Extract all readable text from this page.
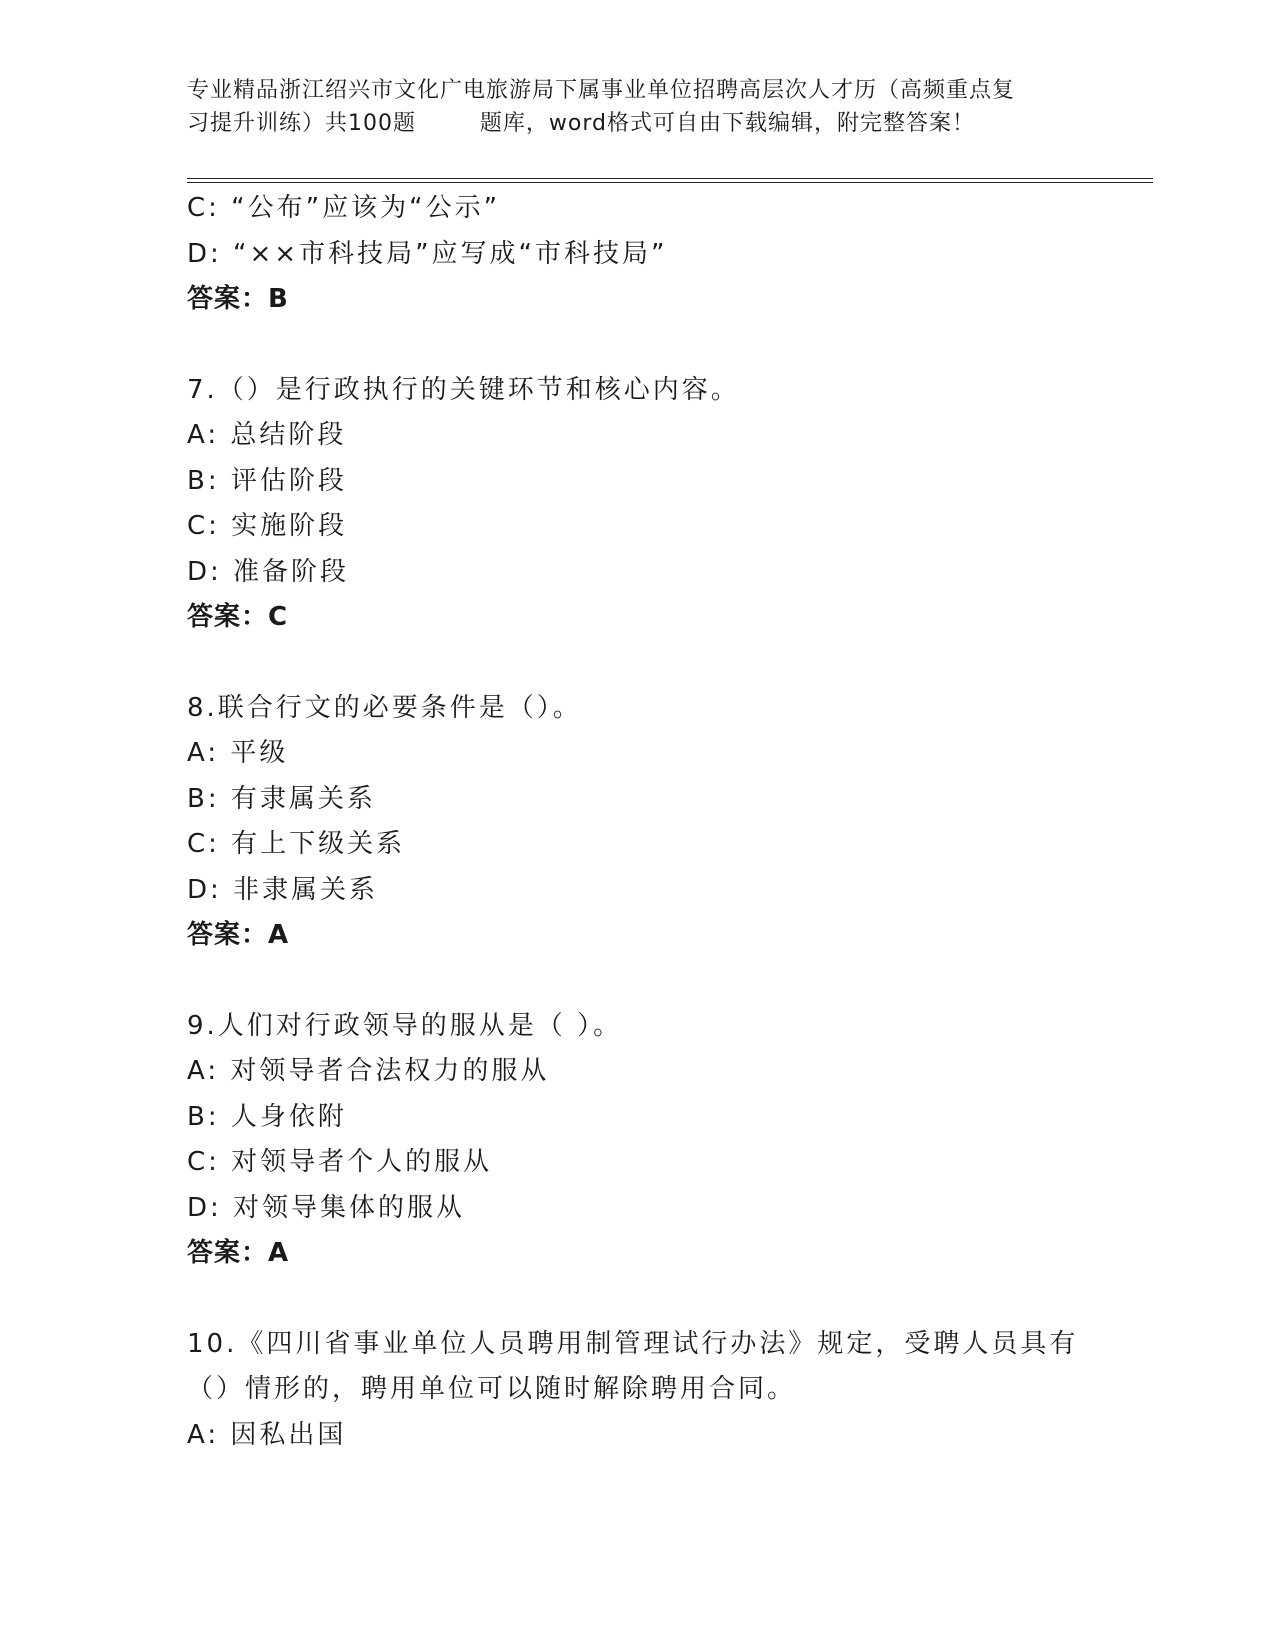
专业精品浙江绍兴市文化广电旅游局下属事业单位招聘高层次人才历（高频重点复
习提升训练）共100题        题库，word格式可自由下载编辑，附完整答案！
C: “公布”应该为“公示”
D: “××市科技局”应写成“市科技局”
答案：B
7.（）是行政执行的关键环节和核心内容。
A: 总结阶段
B: 评估阶段
C: 实施阶段
D: 准备阶段
答案：C
8.联合行文的必要条件是（）。
A: 平级
B: 有隶属关系
C: 有上下级关系
D: 非隶属关系
答案：A
9.人们对行政领导的服从是（ ）。
A: 对领导者合法权力的服从
B: 人身依附
C: 对领导者个人的服从
D: 对领导集体的服从
答案：A
10.《四川省事业单位人员聘用制管理试行办法》规定，受聘人员具有
（）情形的，聘用单位可以随时解除聘用合同。
A: 因私出国
